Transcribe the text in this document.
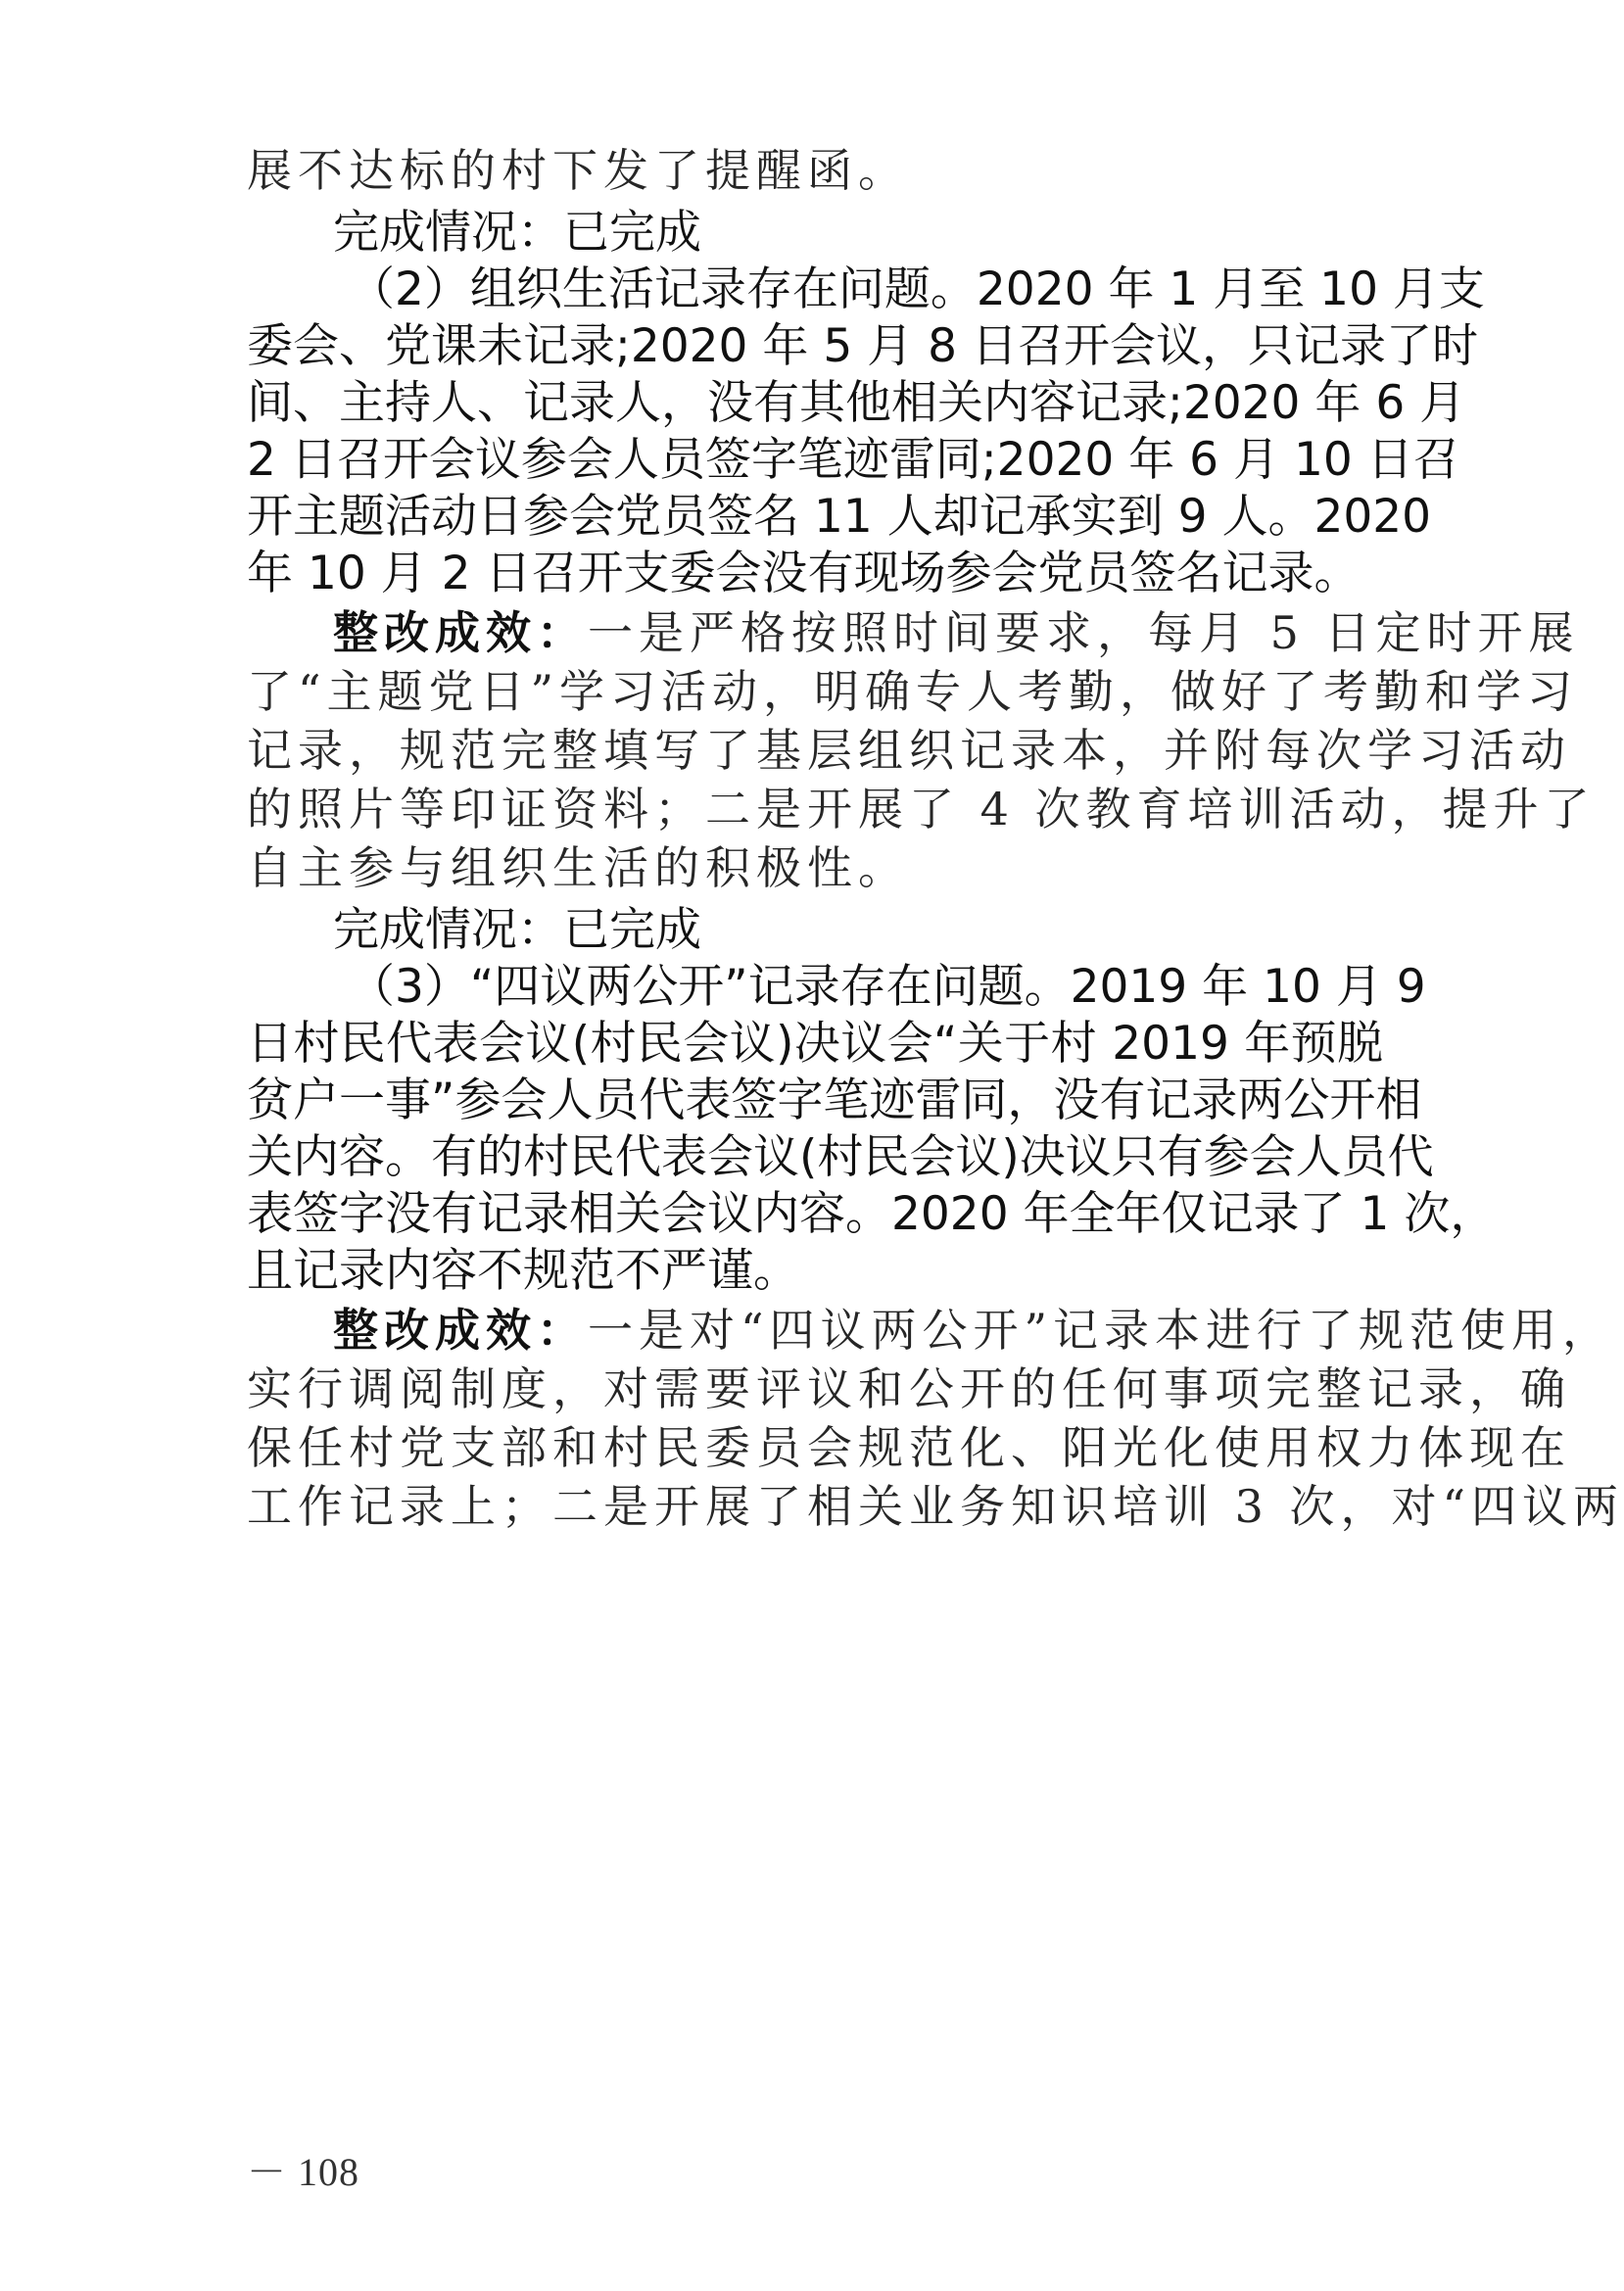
展不达标的村下发了提醒函。
完成情况：已完成
（2）组织生活记录存在问题。2020 年 1 月至 10 月支
委会、党课未记录;2020 年 5 月 8 日召开会议，只记录了时
间、主持人、记录人，没有其他相关内容记录;2020 年 6 月
2 日召开会议参会人员签字笔迹雷同;2020 年 6 月 10 日召
开主题活动日参会党员签名 11 人却记承实到 9 人。2020
年 10 月 2 日召开支委会没有现场参会党员签名记录。
整改成效：一是严格按照时间要求，每月 5 日定时开展
了“主题党日”学习活动，明确专人考勤，做好了考勤和学习
记录，规范完整填写了基层组织记录本，并附每次学习活动
的照片等印证资料；二是开展了 4 次教育培训活动，提升了
自主参与组织生活的积极性。
完成情况：已完成
（3）“四议两公开”记录存在问题。2019 年 10 月 9
日村民代表会议(村民会议)决议会“关于村 2019 年预脱
贫户一事”参会人员代表签字笔迹雷同，没有记录两公开相
关内容。有的村民代表会议(村民会议)决议只有参会人员代
表签字没有记录相关会议内容。2020 年全年仅记录了 1 次，
且记录内容不规范不严谨。
整改成效：一是对“四议两公开”记录本进行了规范使用，
实行调阅制度，对需要评议和公开的任何事项完整记录，确
保任村党支部和村民委员会规范化、阳光化使用权力体现在
工作记录上；二是开展了相关业务知识培训 3 次，对“四议两
－ 108
